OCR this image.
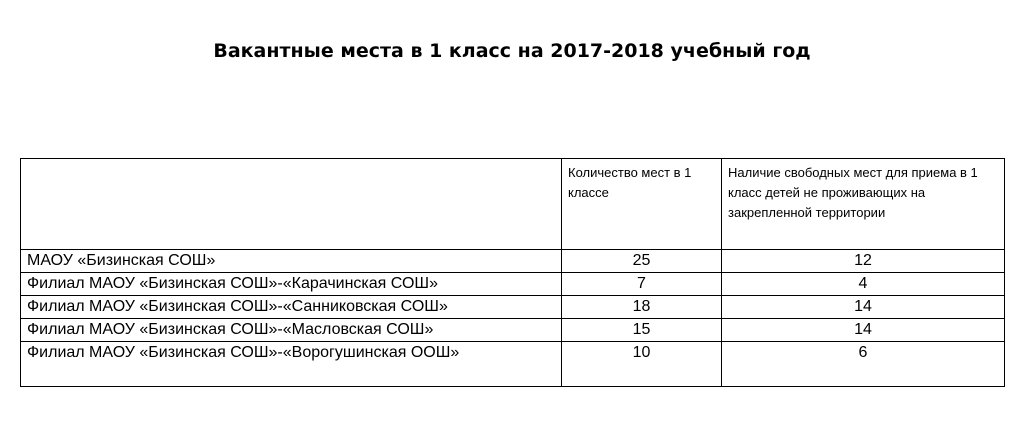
Вакантные места в 1 класс на 2017-2018 учебный год
	Количество мест в 1 классе	Наличие свободных мест для приема в 1 класс детей не проживающих на закрепленной территории
МАОУ «Бизинская СОШ»	25	12
Филиал МАОУ «Бизинская СОШ»-«Карачинская СОШ»	7	4
Филиал МАОУ «Бизинская СОШ»-«Санниковская СОШ»	18	14
Филиал МАОУ «Бизинская СОШ»-«Масловская СОШ»	15	14
Филиал МАОУ «Бизинская СОШ»-«Ворогушинская ООШ»	10	6
